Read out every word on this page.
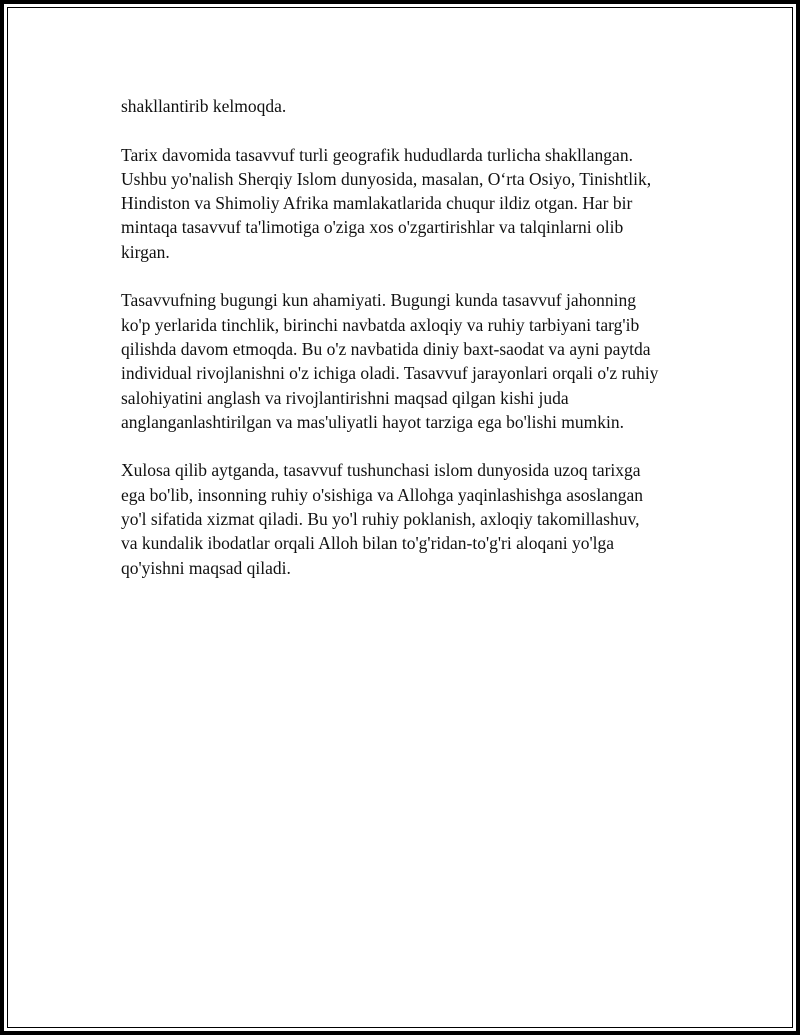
shakllantirib kelmoqda.

Tarix davomida tasavvuf turli geografik hududlarda turlicha shakllangan.
Ushbu yo'nalish Sherqiy Islom dunyosida, masalan, O‘rta Osiyo, Tinishtlik,
Hindiston va Shimoliy Afrika mamlakatlarida chuqur ildiz otgan. Har bir
mintaqa tasavvuf ta'limotiga o'ziga xos o'zgartirishlar va talqinlarni olib
kirgan.

Tasavvufning bugungi kun ahamiyati. Bugungi kunda tasavvuf jahonning
ko'p yerlarida tinchlik, birinchi navbatda axloqiy va ruhiy tarbiyani targ'ib
qilishda davom etmoqda. Bu o'z navbatida diniy baxt-saodat va ayni paytda
individual rivojlanishni o'z ichiga oladi. Tasavvuf jarayonlari orqali o'z ruhiy
salohiyatini anglash va rivojlantirishni maqsad qilgan kishi juda
anglanganlashtirilgan va mas'uliyatli hayot tarziga ega bo'lishi mumkin.

Xulosa qilib aytganda, tasavvuf tushunchasi islom dunyosida uzoq tarixga
ega bo'lib, insonning ruhiy o'sishiga va Allohga yaqinlashishga asoslangan
yo'l sifatida xizmat qiladi. Bu yo'l ruhiy poklanish, axloqiy takomillashuv,
va kundalik ibodatlar orqali Alloh bilan to'g'ridan-to'g'ri aloqani yo'lga
qo'yishni maqsad qiladi.
